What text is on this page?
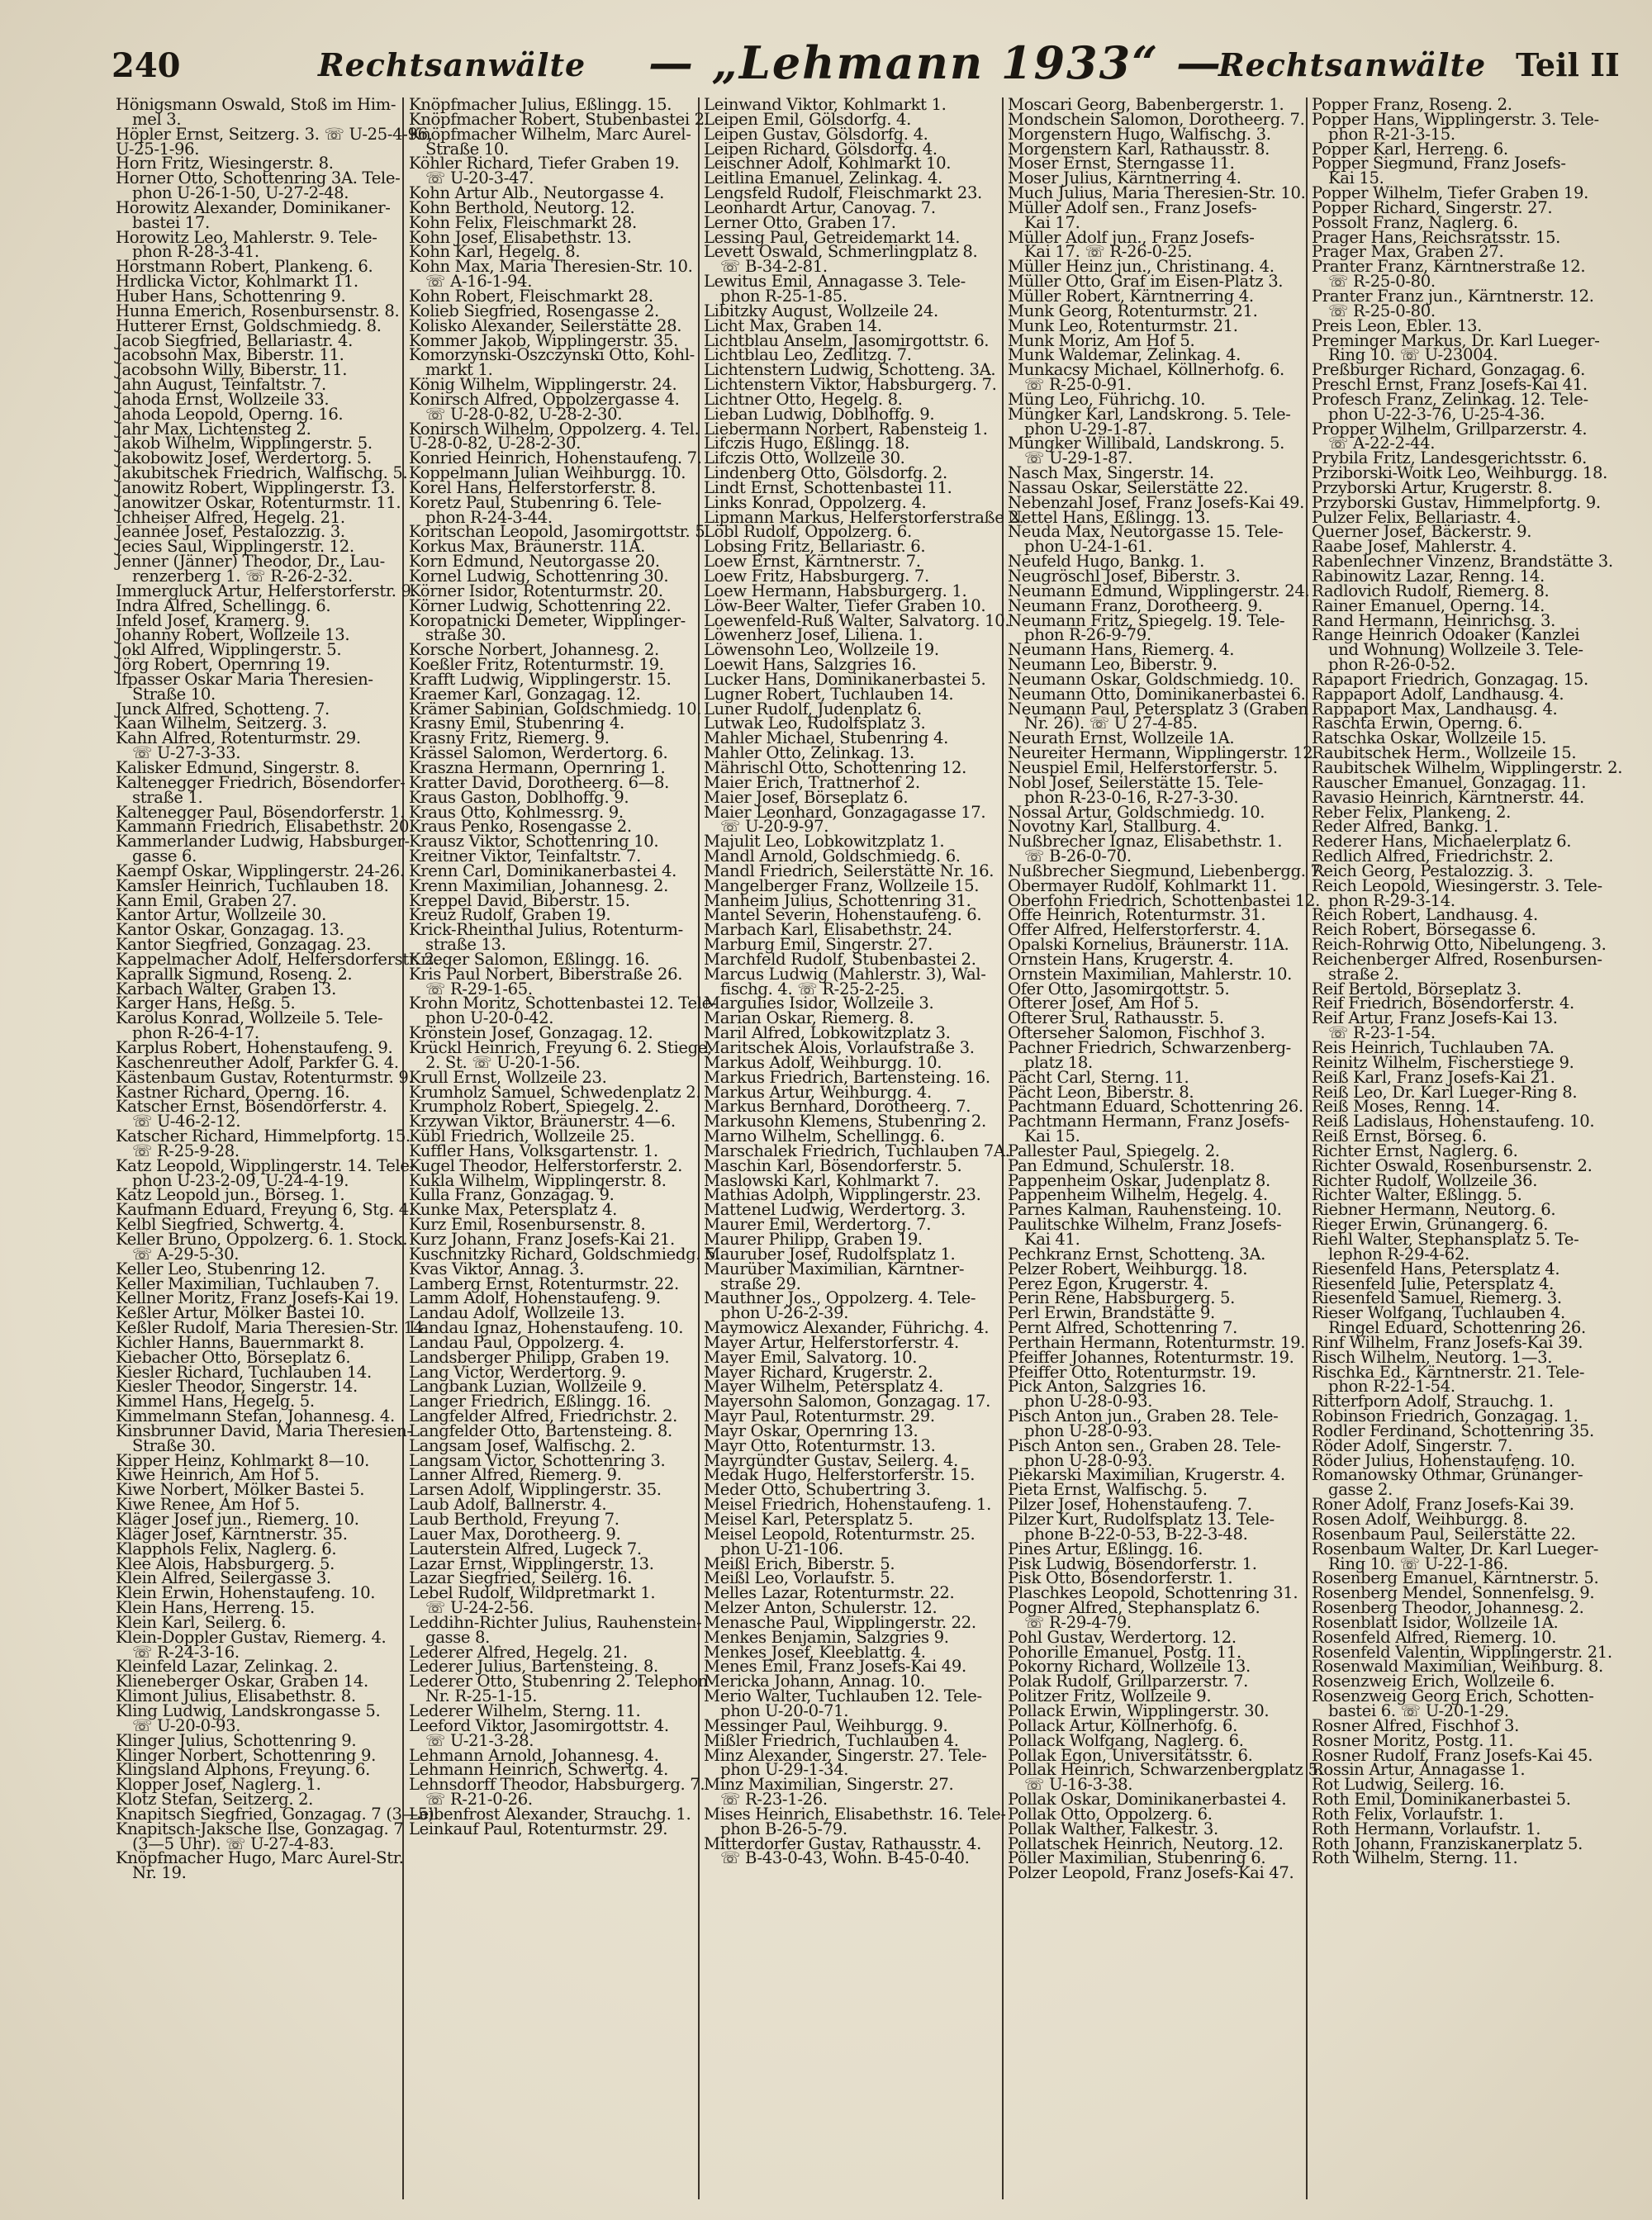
240	Rechtsanwälte — „Lehmann 1933“ —
Rechtsanwälte Teil II
Hönigsmann Oswald, Stoß im Him-
mel 3.
Höpler Ernst, Seitzerg. 3. ☏ U-25-4-96,
U-25-1-96.
Horn Fritz, Wiesingerstr. 8.
Horner Otto, Schottenring 3A. Tele-
phon U-26-1-50, U-27-2-48.
Horowitz Alexander, Dominikaner-
bastei 17.
Horowitz Leo, Mahlerstr. 9. Tele-
phon R-28-3-41.
Horstmann Robert, Plankeng. 6.
Hrdlicka Victor, Kohlmarkt 11.
Huber Hans, Schottenring 9.
Hunna Emerich, Rosenbursenstr. 8.
Hutterer Ernst, Goldschmiedg. 8.
Jacob Siegfried, Bellariastr. 4.
Jacobsohn Max, Biberstr. 11.
Jacobsohn Willy, Biberstr. 11.
Jahn August, Teinfaltstr. 7.
Jahoda Ernst, Wollzeile 33.
Jahoda Leopold, Operng. 16.
Jahr Max, Lichtensteg 2.
Jakob Wilhelm, Wipplingerstr. 5.
Jakobowitz Josef, Werdertorg. 5.
Jakubitschek Friedrich, Walfischg. 5.
Janowitz Robert, Wipplingerstr. 13.
Janowitzer Oskar, Rotenturmstr. 11.
Ichheiser Alfred, Hegelg. 21.
Jeannée Josef, Pestalozzig. 3.
Jecies Saul, Wipplingerstr. 12.
Jenner (Jänner) Theodor, Dr., Lau-
renzerberg 1. ☏ R-26-2-32.
Immergluck Artur, Helferstorferstr. 9.
Indra Alfred, Schellingg. 6.
Infeld Josef, Kramerg. 9.
Johanny Robert, Wollzeile 13.
Jokl Alfred, Wipplingerstr. 5.
Jörg Robert, Opernring 19.
Ifpasser Oskar Maria Theresien-
Straße 10.
Junck Alfred, Schotteng. 7.
Kaan Wilhelm, Seitzerg. 3.
Kahn Alfred, Rotenturmstr. 29.
☏ U-27-3-33.
Kalisker Edmund, Singerstr. 8.
Kaltenegger Friedrich, Bösendorfer-
straße 1.
Kaltenegger Paul, Bösendorferstr. 1.
Kammann Friedrich, Elisabethstr. 20.
Kammerlander Ludwig, Habsburger-
gasse 6.
Kaempf Oskar, Wipplingerstr. 24-26.
Kamsler Heinrich, Tuchlauben 18.
Kann Emil, Graben 27.
Kantor Artur, Wollzeile 30.
Kantor Oskar, Gonzagag. 13.
Kantor Siegfried, Gonzagag. 23.
Kappelmacher Adolf, Helfersdorferstr. 2.
Kaprallk Sigmund, Roseng. 2.
Karbach Walter, Graben 13.
Karger Hans, Heßg. 5.
Karolus Konrad, Wollzeile 5. Tele-
phon R-26-4-17.
Karplus Robert, Hohenstaufeng. 9.
Kaschenreuther Adolf, Parkfer G. 4.
Kästenbaum Gustav, Rotenturmstr. 9.
Kastner Richard, Operng. 16.
Katscher Ernst, Bösendorferstr. 4.
☏ U-46-2-12.
Katscher Richard, Himmelpfortg. 15.
☏ R-25-9-28.
Katz Leopold, Wipplingerstr. 14. Tele-
phon U-23-2-09, U-24-4-19.
Katz Leopold jun., Börseg. 1.
Kaufmann Eduard, Freyung 6, Stg. 4.
Kelbl Siegfried, Schwertg. 4.
Keller Bruno, Oppolzerg. 6. 1. Stock.
☏ A-29-5-30.
Keller Leo, Stubenring 12.
Keller Maximilian, Tuchlauben 7.
Kellner Moritz, Franz Josefs-Kai 19.
Keßler Artur, Mölker Bastei 10.
Keßler Rudolf, Maria Theresien-Str. 14.
Kichler Hanns, Bauernmarkt 8.
Kiebacher Otto, Börseplatz 6.
Kiesler Richard, Tuchlauben 14.
Kiesler Theodor, Singerstr. 14.
Kimmel Hans, Hegelg. 5.
Kimmelmann Stefan, Johannesg. 4.
Kinsbrunner David, Maria Theresien-
Straße 30.
Kipper Heinz, Kohlmarkt 8—10.
Kiwe Heinrich, Am Hof 5.
Kiwe Norbert, Mölker Bastei 5.
Kiwe Renee, Am Hof 5.
Kläger Josef jun., Riemerg. 10.
Kläger Josef, Kärntnerstr. 35.
Klapphols Felix, Naglerg. 6.
Klee Alois, Habsburgerg. 5.
Klein Alfred, Seilergasse 3.
Klein Erwin, Hohenstaufeng. 10.
Klein Hans, Herreng. 15.
Klein Karl, Seilerg. 6.
Klein-Doppler Gustav, Riemerg. 4.
☏ R-24-3-16.
Kleinfeld Lazar, Zelinkag. 2.
Klieneberger Oskar, Graben 14.
Klimont Julius, Elisabethstr. 8.
Kling Ludwig, Landskrongasse 5.
☏ U-20-0-93.
Klinger Julius, Schottenring 9.
Klinger Norbert, Schottenring 9.
Klingsland Alphons, Freyung. 6.
Klopper Josef, Naglerg. 1.
Klotz Stefan, Seitzerg. 2.
Knapitsch Siegfried, Gonzagag. 7 (3—5).
Knapitsch-Jaksche Ilse, Gonzagag. 7
(3—5 Uhr). ☏ U-27-4-83.
Knöpfmacher Hugo, Marc Aurel-Str.
Nr. 19.
Knöpfmacher Julius, Eßlingg. 15.
Knöpfmacher Robert, Stubenbastei 2.
Knöpfmacher Wilhelm, Marc Aurel-
Straße 10.
Köhler Richard, Tiefer Graben 19.
☏ U-20-3-47.
Kohn Artur Alb., Neutorgasse 4.
Kohn Berthold, Neutorg. 12.
Kohn Felix, Fleischmarkt 28.
Kohn Josef, Elisabethstr. 13.
Kohn Karl, Hegelg. 8.
Kohn Max, Maria Theresien-Str. 10.
☏ A-16-1-94.
Kohn Robert, Fleischmarkt 28.
Kolieb Siegfried, Rosengasse 2.
Kolisko Alexander, Seilerstätte 28.
Kommer Jakob, Wipplingerstr. 35.
Komorzynski-Oszczynski Otto, Kohl-
markt 1.
König Wilhelm, Wipplingerstr. 24.
Konirsch Alfred, Oppolzergasse 4.
☏ U-28-0-82, U-28-2-30.
Konirsch Wilhelm, Oppolzerg. 4. Tel.
U-28-0-82, U-28-2-30.
Konried Heinrich, Hohenstaufeng. 7.
Koppelmann Julian Weihburgg. 10.
Korel Hans, Helferstorferstr. 8.
Koretz Paul, Stubenring 6. Tele-
phon R-24-3-44.
Koritschan Leopold, Jasomirgottstr. 5.
Korkus Max, Bräunerstr. 11A.
Korn Edmund, Neutorgasse 20.
Kornel Ludwig, Schottenring 30.
Körner Isidor, Rotenturmstr. 20.
Körner Ludwig, Schottenring 22.
Koropatnicki Demeter, Wipplinger-
straße 30.
Korsche Norbert, Johannesg. 2.
Koeßler Fritz, Rotenturmstr. 19.
Krafft Ludwig, Wipplingerstr. 15.
Kraemer Karl, Gonzagag. 12.
Krämer Sabinian, Goldschmiedg. 10.
Krasny Emil, Stubenring 4.
Krasny Fritz, Riemerg. 9.
Krässel Salomon, Werdertorg. 6.
Kraszna Hermann, Opernring 1.
Kratter David, Dorotheerg. 6—8.
Kraus Gaston, Doblhoffg. 9.
Kraus Otto, Kohlmessrg. 9.
Kraus Penko, Rosengasse 2.
Krausz Viktor, Schottenring 10.
Kreitner Viktor, Teinfaltstr. 7.
Krenn Carl, Dominikanerbastei 4.
Krenn Maximilian, Johannesg. 2.
Kreppel David, Biberstr. 15.
Kreuz Rudolf, Graben 19.
Krick-Rheinthal Julius, Rotenturm-
straße 13.
Krieger Salomon, Eßlingg. 16.
Kris Paul Norbert, Biberstraße 26.
☏ R-29-1-65.
Krohn Moritz, Schottenbastei 12. Tele-
phon U-20-0-42.
Krönstein Josef, Gonzagag. 12.
Krückl Heinrich, Freyung 6. 2. Stiege,
2. St. ☏ U-20-1-56.
Krull Ernst, Wollzeile 23.
Krumholz Samuel, Schwedenplatz 2.
Krumpholz Robert, Spiegelg. 2.
Krzywan Viktor, Bräunerstr. 4—6.
Kübl Friedrich, Wollzeile 25.
Kuffler Hans, Volksgartenstr. 1.
Kugel Theodor, Helferstorferstr. 2.
Kukla Wilhelm, Wipplingerstr. 8.
Kulla Franz, Gonzagag. 9.
Kunke Max, Petersplatz 4.
Kurz Emil, Rosenbursenstr. 8.
Kurz Johann, Franz Josefs-Kai 21.
Kuschnitzky Richard, Goldschmiedg. 5.
Kvas Viktor, Annag. 3.
Lamberg Ernst, Rotenturmstr. 22.
Lamm Adolf, Hohenstaufeng. 9.
Landau Adolf, Wollzeile 13.
Landau Ignaz, Hohenstaufeng. 10.
Landau Paul, Oppolzerg. 4.
Landsberger Philipp, Graben 19.
Lang Victor, Werdertorg. 9.
Langbank Luzian, Wollzeile 9.
Langer Friedrich, Eßlingg. 16.
Langfelder Alfred, Friedrichstr. 2.
Langfelder Otto, Bartensteing. 8.
Langsam Josef, Walfischg. 2.
Langsam Victor, Schottenring 3.
Lanner Alfred, Riemerg. 9.
Larsen Adolf, Wipplingerstr. 35.
Laub Adolf, Ballnerstr. 4.
Laub Berthold, Freyung 7.
Lauer Max, Dorotheerg. 9.
Lauterstein Alfred, Lugeck 7.
Lazar Ernst, Wipplingerstr. 13.
Lazar Siegfried, Seilerg. 16.
Lebel Rudolf, Wildpretmarkt 1.
☏ U-24-2-56.
Leddihn-Richter Julius, Rauhenstein-
gasse 8.
Lederer Alfred, Hegelg. 21.
Lederer Julius, Bartensteing. 8.
Lederer Otto, Stubenring 2. Telephon
Nr. R-25-1-15.
Lederer Wilhelm, Sterng. 11.
Leeford Viktor, Jasomirgottstr. 4.
☏ U-21-3-28.
Lehmann Arnold, Johannesg. 4.
Lehmann Heinrich, Schwertg. 4.
Lehnsdorff Theodor, Habsburgerg. 7.
☏ R-21-0-26.
Leibenfrost Alexander, Strauchg. 1.
Leinkauf Paul, Rotenturmstr. 29.
Leinwand Viktor, Kohlmarkt 1.
Leipen Emil, Gölsdorfg. 4.
Leipen Gustav, Gölsdorfg. 4.
Leipen Richard, Gölsdorfg. 4.
Leischner Adolf, Kohlmarkt 10.
Leitlina Emanuel, Zelinkag. 4.
Lengsfeld Rudolf, Fleischmarkt 23.
Leonhardt Artur, Canovag. 7.
Lerner Otto, Graben 17.
Lessing Paul, Getreidemarkt 14.
Levett Oswald, Schmerlingplatz 8.
☏ B-34-2-81.
Lewitus Emil, Annagasse 3. Tele-
phon R-25-1-85.
Libitzky August, Wollzeile 24.
Licht Max, Graben 14.
Lichtblau Anselm, Jasomirgottstr. 6.
Lichtblau Leo, Zedlitzg. 7.
Lichtenstern Ludwig, Schotteng. 3A.
Lichtenstern Viktor, Habsburgerg. 7.
Lichtner Otto, Hegelg. 8.
Lieban Ludwig, Doblhoffg. 9.
Liebermann Norbert, Rabensteig 1.
Lifczis Hugo, Eßlingg. 18.
Lifczis Otto, Wollzeile 30.
Lindenberg Otto, Gölsdorfg. 2.
Lindt Ernst, Schottenbastei 11.
Links Konrad, Oppolzerg. 4.
Lipmann Markus, Helferstorferstraße 2.
Löbl Rudolf, Oppolzerg. 6.
Lobsing Fritz, Bellariastr. 6.
Loew Ernst, Kärntnerstr. 7.
Loew Fritz, Habsburgerg. 7.
Loew Hermann, Habsburgerg. 1.
Löw-Beer Walter, Tiefer Graben 10.
Loewenfeld-Ruß Walter, Salvatorg. 10.
Löwenherz Josef, Liliena. 1.
Löwensohn Leo, Wollzeile 19.
Loewit Hans, Salzgries 16.
Lucker Hans, Dominikanerbastei 5.
Lugner Robert, Tuchlauben 14.
Luner Rudolf, Judenplatz 6.
Lutwak Leo, Rudolfsplatz 3.
Mahler Michael, Stubenring 4.
Mahler Otto, Zelinkag. 13.
Mährischl Otto, Schottenring 12.
Maier Erich, Trattnerhof 2.
Maier Josef, Börseplatz 6.
Maier Leonhard, Gonzagagasse 17.
☏ U-20-9-97.
Majulit Leo, Lobkowitzplatz 1.
Mandl Arnold, Goldschmiedg. 6.
Mandl Friedrich, Seilerstätte Nr. 16.
Mangelberger Franz, Wollzeile 15.
Manheim Julius, Schottenring 31.
Mantel Severin, Hohenstaufeng. 6.
Marbach Karl, Elisabethstr. 24.
Marburg Emil, Singerstr. 27.
Marchfeld Rudolf, Stubenbastei 2.
Marcus Ludwig (Mahlerstr. 3), Wal-
fischg. 4. ☏ R-25-2-25.
Margulies Isidor, Wollzeile 3.
Marian Oskar, Riemerg. 8.
Maril Alfred, Lobkowitzplatz 3.
Maritschek Alois, Vorlaufstraße 3.
Markus Adolf, Weihburgg. 10.
Markus Friedrich, Bartensteing. 16.
Markus Artur, Weihburgg. 4.
Markus Bernhard, Dorotheerg. 7.
Markusohn Klemens, Stubenring 2.
Marno Wilhelm, Schellingg. 6.
Marschalek Friedrich, Tuchlauben 7A.
Maschin Karl, Bösendorferstr. 5.
Maslowski Karl, Kohlmarkt 7.
Mathias Adolph, Wipplingerstr. 23.
Mattenel Ludwig, Werdertorg. 3.
Maurer Emil, Werdertorg. 7.
Maurer Philipp, Graben 19.
Mauruber Josef, Rudolfsplatz 1.
Maurüber Maximilian, Kärntner-
straße 29.
Mauthner Jos., Oppolzerg. 4. Tele-
phon U-26-2-39.
Maymowicz Alexander, Führichg. 4.
Mayer Artur, Helferstorferstr. 4.
Mayer Emil, Salvatorg. 10.
Mayer Richard, Krugerstr. 2.
Mayer Wilhelm, Petersplatz 4.
Mayersohn Salomon, Gonzagag. 17.
Mayr Paul, Rotenturmstr. 29.
Mayr Oskar, Opernring 13.
Mayr Otto, Rotenturmstr. 13.
Mayrgündter Gustav, Seilerg. 4.
Medak Hugo, Helferstorferstr. 15.
Meder Otto, Schubertring 3.
Meisel Friedrich, Hohenstaufeng. 1.
Meisel Karl, Petersplatz 5.
Meisel Leopold, Rotenturmstr. 25.
phon U-21-106.
Meißl Erich, Biberstr. 5.
Meißl Leo, Vorlaufstr. 5.
Melles Lazar, Rotenturmstr. 22.
Melzer Anton, Schulerstr. 12.
Menasche Paul, Wipplingerstr. 22.
Menkes Benjamin, Salzgries 9.
Menkes Josef, Kleeblattg. 4.
Menes Emil, Franz Josefs-Kai 49.
Mericka Johann, Annag. 10.
Merio Walter, Tuchlauben 12. Tele-
phon U-20-0-71.
Messinger Paul, Weihburgg. 9.
Mißler Friedrich, Tuchlauben 4.
Minz Alexander, Singerstr. 27. Tele-
phon U-29-1-34.
Minz Maximilian, Singerstr. 27.
☏ R-23-1-26.
Mises Heinrich, Elisabethstr. 16. Tele-
phon B-26-5-79.
Mitterdorfer Gustav, Rathausstr. 4.
☏ B-43-0-43, Wohn. B-45-0-40.
Moscari Georg, Babenbergerstr. 1.
Mondschein Salomon, Dorotheerg. 7.
Morgenstern Hugo, Walfischg. 3.
Morgenstern Karl, Rathausstr. 8.
Moser Ernst, Sterngasse 11.
Moser Julius, Kärntnerring 4.
Much Julius, Maria Theresien-Str. 10.
Müller Adolf sen., Franz Josefs-
Kai 17.
Müller Adolf jun., Franz Josefs-
Kai 17. ☏ R-26-0-25.
Müller Heinz jun., Christinang. 4.
Müller Otto, Graf im Eisen-Platz 3.
Müller Robert, Kärntnerring 4.
Munk Georg, Rotenturmstr. 21.
Munk Leo, Rotenturmstr. 21.
Munk Moriz, Am Hof 5.
Munk Waldemar, Zelinkag. 4.
Munkacsy Michael, Köllnerhofg. 6.
☏ R-25-0-91.
Müng Leo, Führichg. 10.
Müngker Karl, Landskrong. 5. Tele-
phon U-29-1-87.
Müngker Willibald, Landskrong. 5.
☏ U-29-1-87.
Nasch Max, Singerstr. 14.
Nassau Oskar, Seilerstätte 22.
Nebenzahl Josef, Franz Josefs-Kai 49.
Nettel Hans, Eßlingg. 13.
Neuda Max, Neutorgasse 15. Tele-
phon U-24-1-61.
Neufeld Hugo, Bankg. 1.
Neugröschl Josef, Biberstr. 3.
Neumann Edmund, Wipplingerstr. 24.
Neumann Franz, Dorotheerg. 9.
Neumann Fritz, Spiegelg. 19. Tele-
phon R-26-9-79.
Neumann Hans, Riemerg. 4.
Neumann Leo, Biberstr. 9.
Neumann Oskar, Goldschmiedg. 10.
Neumann Otto, Dominikanerbastei 6.
Neumann Paul, Petersplatz 3 (Graben
Nr. 26). ☏ U 27-4-85.
Neurath Ernst, Wollzeile 1A.
Neureiter Hermann, Wipplingerstr. 12.
Neuspiel Emil, Helferstorferstr. 5.
Nobl Josef, Seilerstätte 15. Tele-
phon R-23-0-16, R-27-3-30.
Nossal Artur, Goldschmiedg. 10.
Novotny Karl, Stallburg. 4.
Nußbrecher Ignaz, Elisabethstr. 1.
☏ B-26-0-70.
Nußbrecher Siegmund, Liebenbergg. 7.
Obermayer Rudolf, Kohlmarkt 11.
Oberfohn Friedrich, Schottenbastei 12.
Offe Heinrich, Rotenturmstr. 31.
Offer Alfred, Helferstorferstr. 4.
Opalski Kornelius, Bräunerstr. 11A.
Ornstein Hans, Krugerstr. 4.
Ornstein Maximilian, Mahlerstr. 10.
Ofer Otto, Jasomirgottstr. 5.
Ofterer Josef, Am Hof 5.
Ofterer Srul, Rathausstr. 5.
Ofterseher Salomon, Fischhof 3.
Pachner Friedrich, Schwarzenberg-
platz 18.
Pächt Carl, Sterng. 11.
Pächt Leon, Biberstr. 8.
Pachtmann Eduard, Schottenring 26.
Pachtmann Hermann, Franz Josefs-
Kai 15.
Pallester Paul, Spiegelg. 2.
Pan Edmund, Schulerstr. 18.
Pappenheim Oskar, Judenplatz 8.
Pappenheim Wilhelm, Hegelg. 4.
Parnes Kalman, Rauhensteing. 10.
Paulitschke Wilhelm, Franz Josefs-
Kai 41.
Pechkranz Ernst, Schotteng. 3A.
Pelzer Robert, Weihburgg. 18.
Perez Egon, Krugerstr. 4.
Perin Rene, Habsburgerg. 5.
Perl Erwin, Brandstätte 9.
Pernt Alfred, Schottenring 7.
Perthain Hermann, Rotenturmstr. 19.
Pfeiffer Johannes, Rotenturmstr. 19.
Pfeiffer Otto, Rotenturmstr. 19.
Pick Anton, Salzgries 16.
phon U-28-0-93.
Pisch Anton jun., Graben 28. Tele-
phon U-28-0-93.
Pisch Anton sen., Graben 28. Tele-
phon U-28-0-93.
Piekarski Maximilian, Krugerstr. 4.
Pieta Ernst, Walfischg. 5.
Pilzer Josef, Hohenstaufeng. 7.
Pilzer Kurt, Rudolfsplatz 13. Tele-
phone B-22-0-53, B-22-3-48.
Pines Artur, Eßlingg. 16.
Pisk Ludwig, Bösendorferstr. 1.
Pisk Otto, Bösendorferstr. 1.
Plaschkes Leopold, Schottenring 31.
Pogner Alfred, Stephansplatz 6.
☏ R-29-4-79.
Pohl Gustav, Werdertorg. 12.
Pohorille Emanuel, Postg. 11.
Pokorny Richard, Wollzeile 13.
Polak Rudolf, Grillparzerstr. 7.
Politzer Fritz, Wollzeile 9.
Pollack Erwin, Wipplingerstr. 30.
Pollack Artur, Köllnerhofg. 6.
Pollack Wolfgang, Naglerg. 6.
Pollak Egon, Universitätsstr. 6.
Pollak Heinrich, Schwarzenbergplatz 5.
☏ U-16-3-38.
Pollak Oskar, Dominikanerbastei 4.
Pollak Otto, Oppolzerg. 6.
Pollak Walther, Falkestr. 3.
Pollatschek Heinrich, Neutorg. 12.
Pöller Maximilian, Stubenring 6.
Polzer Leopold, Franz Josefs-Kai 47.
Popper Franz, Roseng. 2.
Popper Hans, Wipplingerstr. 3. Tele-
phon R-21-3-15.
Popper Karl, Herreng. 6.
Popper Siegmund, Franz Josefs-
Kai 15.
Popper Wilhelm, Tiefer Graben 19.
Popper Richard, Singerstr. 27.
Possolt Franz, Naglerg. 6.
Prager Hans, Reichsratsstr. 15.
Prager Max, Graben 27.
Pranter Franz, Kärntnerstraße 12.
☏ R-25-0-80.
Pranter Franz jun., Kärntnerstr. 12.
☏ R-25-0-80.
Preis Leon, Ebler. 13.
Preminger Markus, Dr. Karl Lueger-
Ring 10. ☏ U-23004.
Preßburger Richard, Gonzagag. 6.
Preschl Ernst, Franz Josefs-Kai 41.
Profesch Franz, Zelinkag. 12. Tele-
phon U-22-3-76, U-25-4-36.
Propper Wilhelm, Grillparzerstr. 4.
☏ A-22-2-44.
Prybila Fritz, Landesgerichtsstr. 6.
Prziborski-Woitk Leo, Weihburgg. 18.
Przyborski Artur, Krugerstr. 8.
Przyborski Gustav, Himmelpfortg. 9.
Pulzer Felix, Bellariastr. 4.
Querner Josef, Bäckerstr. 9.
Raabe Josef, Mahlerstr. 4.
Rabenlechner Vinzenz, Brandstätte 3.
Rabinowitz Lazar, Renng. 14.
Radlovich Rudolf, Riemerg. 8.
Rainer Emanuel, Operng. 14.
Rand Hermann, Heinrichsg. 3.
Range Heinrich Odoaker (Kanzlei
und Wohnung) Wollzeile 3. Tele-
phon R-26-0-52.
Rapaport Friedrich, Gonzagag. 15.
Rappaport Adolf, Landhausg. 4.
Rappaport Max, Landhausg. 4.
Raschta Erwin, Operng. 6.
Ratschka Oskar, Wollzeile 15.
Raubitschek Herm., Wollzeile 15.
Raubitschek Wilhelm, Wipplingerstr. 2.
Rauscher Emanuel, Gonzagag. 11.
Ravasio Heinrich, Kärntnerstr. 44.
Reber Felix, Plankeng. 2.
Reder Alfred, Bankg. 1.
Rederer Hans, Michaelerplatz 6.
Redlich Alfred, Friedrichstr. 2.
Reich Georg, Pestalozzig. 3.
Reich Leopold, Wiesingerstr. 3. Tele-
phon R-29-3-14.
Reich Robert, Landhausg. 4.
Reich Robert, Börsegasse 6.
Reich-Rohrwig Otto, Nibelungeng. 3.
Reichenberger Alfred, Rosenbursen-
straße 2.
Reif Bertold, Börseplatz 3.
Reif Friedrich, Bösendorferstr. 4.
Reif Artur, Franz Josefs-Kai 13.
☏ R-23-1-54.
Reis Heinrich, Tuchlauben 7A.
Reinitz Wilhelm, Fischerstiege 9.
Reiß Karl, Franz Josefs-Kai 21.
Reiß Leo, Dr. Karl Lueger-Ring 8.
Reiß Moses, Renng. 14.
Reiß Ladislaus, Hohenstaufeng. 10.
Reiß Ernst, Börseg. 6.
Richter Ernst, Naglerg. 6.
Richter Oswald, Rosenbursenstr. 2.
Richter Rudolf, Wollzeile 36.
Richter Walter, Eßlingg. 5.
Riebner Hermann, Neutorg. 6.
Rieger Erwin, Grünangerg. 6.
Riehl Walter, Stephansplatz 5. Te-
lephon R-29-4-62.
Riesenfeld Hans, Petersplatz 4.
Riesenfeld Julie, Petersplatz 4.
Riesenfeld Samuel, Riemerg. 3.
Rieser Wolfgang, Tuchlauben 4.
Ringel Eduard, Schottenring 26.
Rinf Wilhelm, Franz Josefs-Kai 39.
Risch Wilhelm, Neutorg. 1—3.
Rischka Ed., Kärntnerstr. 21. Tele-
phon R-22-1-54.
Ritterfporn Adolf, Strauchg. 1.
Robinson Friedrich, Gonzagag. 1.
Rodler Ferdinand, Schottenring 35.
Röder Adolf, Singerstr. 7.
Röder Julius, Hohenstaufeng. 10.
Romanowsky Othmar, Grünanger-
gasse 2.
Roner Adolf, Franz Josefs-Kai 39.
Rosen Adolf, Weihburgg. 8.
Rosenbaum Paul, Seilerstätte 22.
Rosenbaum Walter, Dr. Karl Lueger-
Ring 10. ☏ U-22-1-86.
Rosenberg Emanuel, Kärntnerstr. 5.
Rosenberg Mendel, Sonnenfelsg. 9.
Rosenberg Theodor, Johannesg. 2.
Rosenblatt Isidor, Wollzeile 1A.
Rosenfeld Alfred, Riemerg. 10.
Rosenfeld Valentin, Wipplingerstr. 21.
Rosenwald Maximilian, Weihburg. 8.
Rosenzweig Erich, Wollzeile 6.
Rosenzweig Georg Erich, Schotten-
bastei 6. ☏ U-20-1-29.
Rosner Alfred, Fischhof 3.
Rosner Moritz, Postg. 11.
Rosner Rudolf, Franz Josefs-Kai 45.
Rossin Artur, Annagasse 1.
Rot Ludwig, Seilerg. 16.
Roth Emil, Dominikanerbastei 5.
Roth Felix, Vorlaufstr. 1.
Roth Hermann, Vorlaufstr. 1.
Roth Johann, Franziskanerplatz 5.
Roth Wilhelm, Sterng. 11.
